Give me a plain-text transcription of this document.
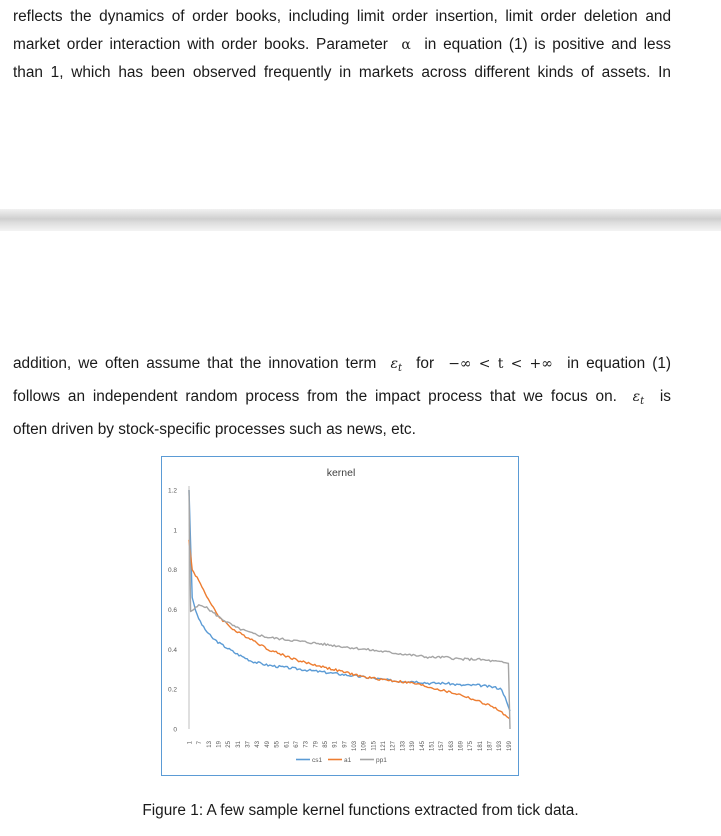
reflects the dynamics of order books, including limit order insertion, limit order deletion and
market order interaction with order books. Parameter α in equation (1) is positive and less
than 1, which has been observed frequently in markets across different kinds of assets. In
addition, we often assume that the innovation term $\varepsilon_t$ for −∞ < t < +∞ in equation (1)
follows an independent random process from the impact process that we focus on. $\varepsilon_t$ is
often driven by stock-specific processes such as news, etc.
kernel
0
0.2
0.4
0.6
0.8
1
1.2
1 7 13 19 25 31 37 43 49 55 61 67 73 79 85 91 97 103 109 115 121 127 133 139 145 151 157 163 169 175 181 187 193 199
cs1	a1	pp1

Figure 1: A few sample kernel functions extracted from tick data.
